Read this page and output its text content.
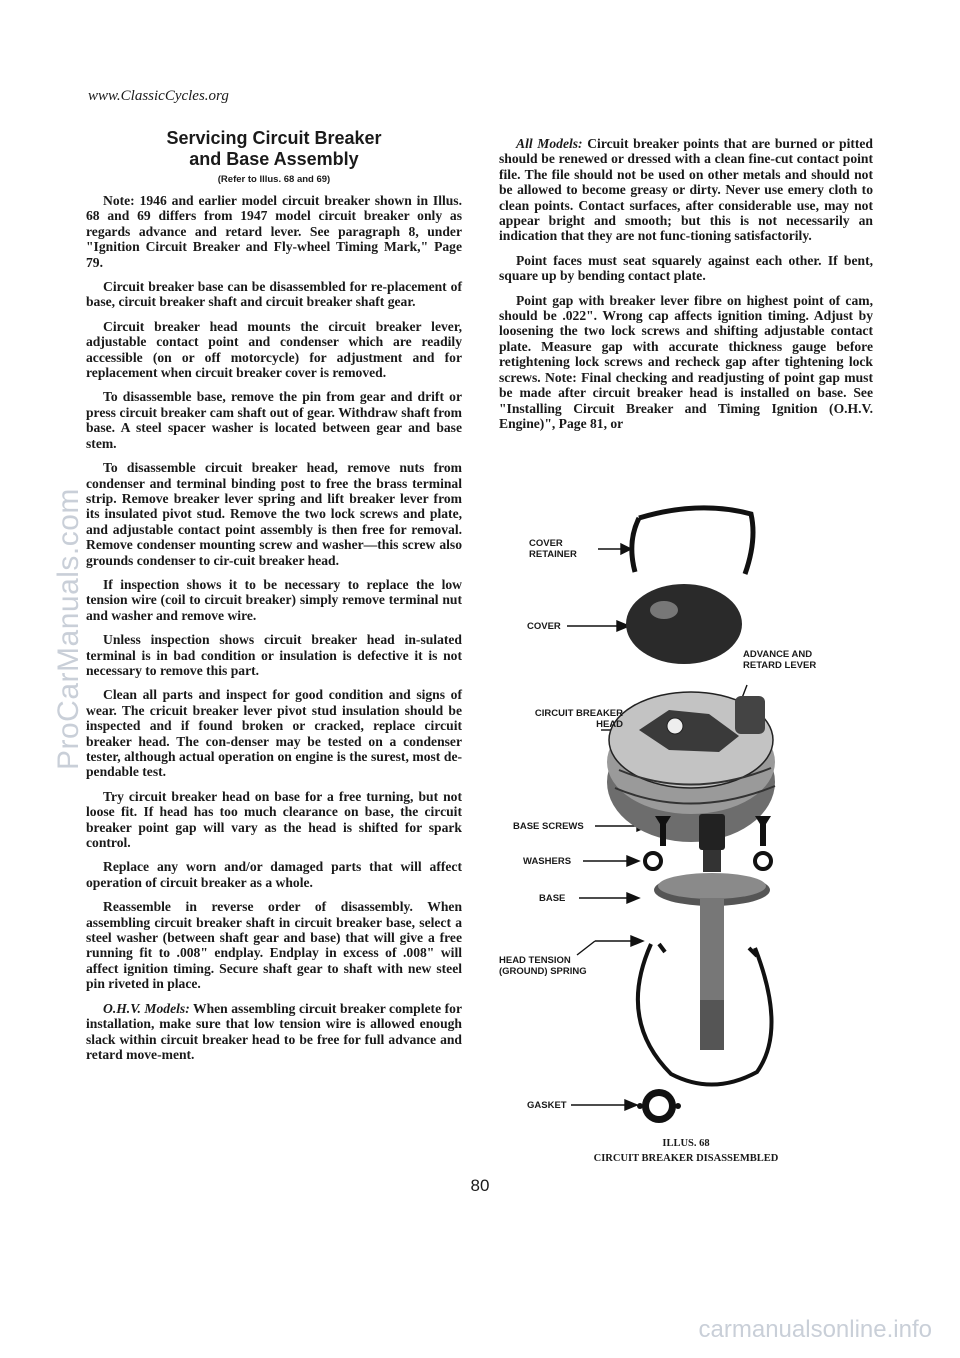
www.ClassicCycles.org
ProCarManuals.com
Servicing Circuit Breaker
and Base Assembly
(Refer to Illus. 68 and 69)

Note: 1946 and earlier model circuit breaker shown in Illus. 68 and 69 differs from 1947 model circuit breaker only as regards advance and retard lever. See paragraph 8, under "Ignition Circuit Breaker and Fly-wheel Timing Mark," Page 79.

Circuit breaker base can be disassembled for re-placement of base, circuit breaker shaft and circuit breaker shaft gear.

Circuit breaker head mounts the circuit breaker lever, adjustable contact point and condenser which are readily accessible (on or off motorcycle) for adjustment and for replacement when circuit breaker cover is removed.

To disassemble base, remove the pin from gear and drift or press circuit breaker cam shaft out of gear. Withdraw shaft from base. A steel spacer washer is located between gear and base stem.

To disassemble circuit breaker head, remove nuts from condenser and terminal binding post to free the brass terminal strip. Remove breaker lever spring and lift breaker lever from its insulated pivot stud. Remove the two lock screws and plate, and adjustable contact point assembly is then free for removal. Remove condenser mounting screw and washer—this screw also grounds condenser to cir-cuit breaker head.

If inspection shows it to be necessary to replace the low tension wire (coil to circuit breaker) simply remove terminal nut and washer and remove wire.

Unless inspection shows circuit breaker head in-sulated terminal is in bad condition or insulation is defective it is not necessary to remove this part.

Clean all parts and inspect for good condition and signs of wear. The cricuit breaker lever pivot stud insulation should be inspected and if found broken or cracked, replace circuit breaker head. The con-denser may be tested on a condenser tester, although actual operation on engine is the surest, most de-pendable test.

Try circuit breaker head on base for a free turning, but not loose fit. If head has too much clearance on base, the circuit breaker point gap will vary as the head is shifted for spark control.

Replace any worn and/or damaged parts that will affect operation of circuit breaker as a whole.

Reassemble in reverse order of disassembly. When assembling circuit breaker shaft in circuit breaker base, select a steel washer (between shaft gear and base) that will give a free running fit to .008" endplay. Endplay in excess of .008" will affect ignition timing. Secure shaft gear to shaft with new steel pin riveted in place.

O.H.V. Models: When assembling circuit breaker complete for installation, make sure that low tension wire is allowed enough slack within circuit breaker head to be free for full advance and retard move-ment.

All Models: Circuit breaker points that are burned or pitted should be renewed or dressed with a clean fine-cut contact point file. The file should not be used on other metals and should not be allowed to become greasy or dirty. Never use emery cloth to clean points. Contact surfaces, after considerable use, may not appear bright and smooth; but this is not necessarily an indication that they are not func-tioning satisfactorily.

Point faces must seat squarely against each other. If bent, square up by bending contact plate.

Point gap with breaker lever fibre on highest point of cam, should be .022". Wrong cap affects ignition timing. Adjust by loosening the two lock screws and shifting adjustable contact plate. Measure gap with accurate thickness gauge before retightening lock screws and recheck gap after tightening lock screws. Note: Final checking and readjusting of point gap must be made after circuit breaker head is installed on base. See "Installing Circuit Breaker and Timing Ignition (O.H.V. Engine)", Page 81, or

COVER
RETAINER
COVER
ADVANCE AND
RETARD LEVER
CIRCUIT BREAKER
HEAD
BASE SCREWS
WASHERS
BASE
HEAD TENSION
(GROUND) SPRING
GASKET
ILLUS. 68
CIRCUIT BREAKER DISASSEMBLED
80
carmanualsonline.info
